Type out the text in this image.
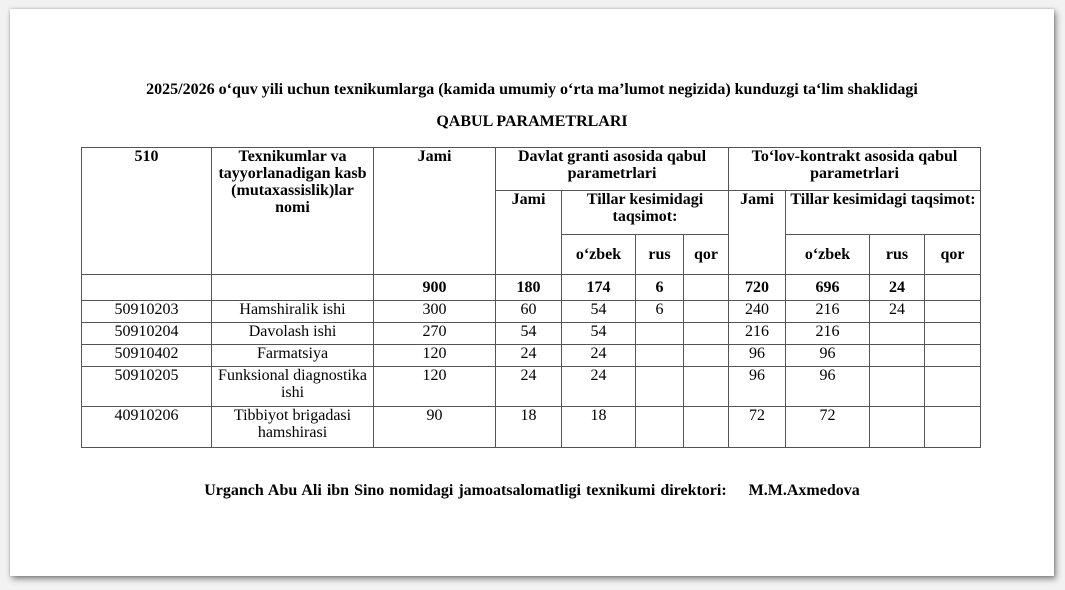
2025/2026 o‘quv yili uchun texnikumlarga (kamida umumiy o‘rta ma’lumot negizida) kunduzgi ta‘lim shaklidagi
QABUL PARAMETRLARI
510	Texnikumlar va tayyorlanadigan kasb (mutaxassislik)lar nomi	Jami	Davlat granti asosida qabul parametrlari				To‘lov-kontrakt asosida qabul parametrlari			
			Jami	Tillar kesimidagi taqsimot:			Jami	Tillar kesimidagi taqsimot:		
				o‘zbek	rus	qor		o‘zbek	rus	qor
		900	180	174	6		720	696	24	
50910203	Hamshiralik ishi	300	60	54	6		240	216	24	
50910204	Davolash ishi	270	54	54			216	216		
50910402	Farmatsiya	120	24	24			96	96		
50910205	Funksional diagnostika ishi	120	24	24			96	96		
40910206	Tibbiyot brigadasi hamshirasi	90	18	18			72	72		
Urganch Abu Ali ibn Sino nomidagi jamoatsalomatligi texnikumi direktori: M.M.Axmedova
